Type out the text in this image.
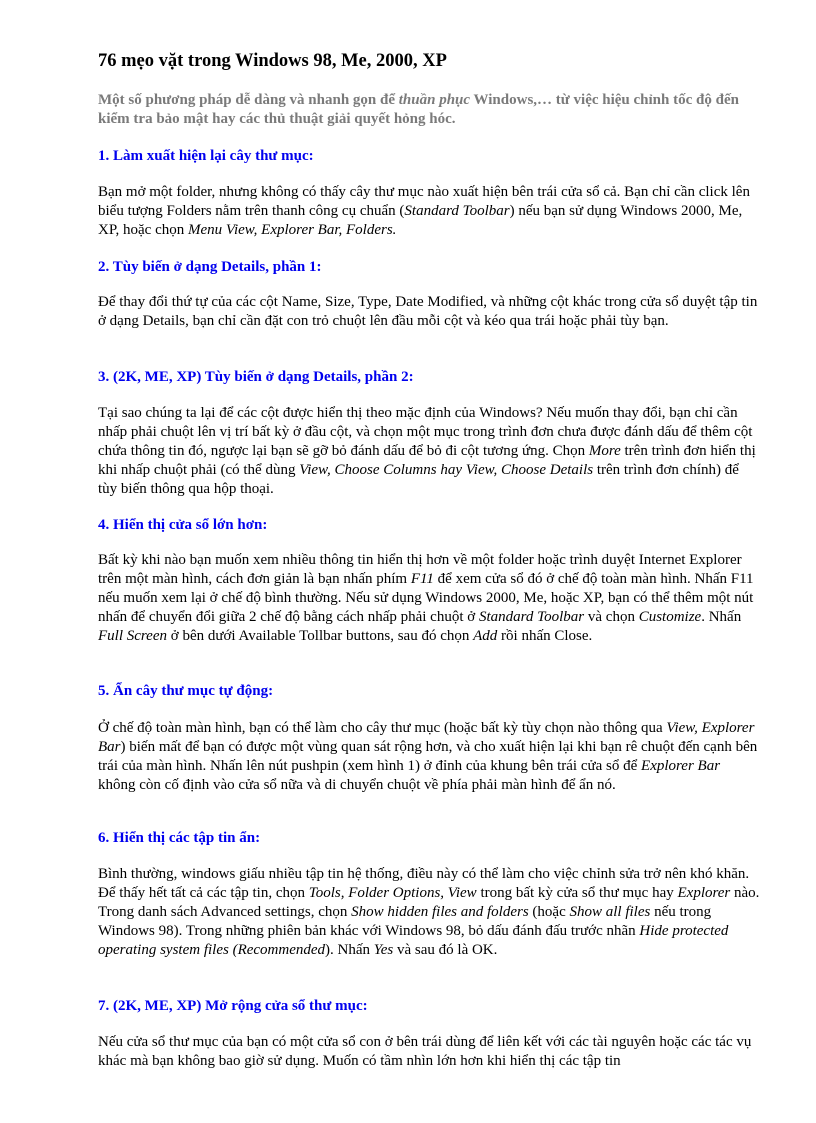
76 mẹo vặt trong Windows 98, Me, 2000, XP

Một số phương pháp dễ dàng và nhanh gọn để thuần phục Windows,… từ việc hiệu chỉnh tốc độ đến kiểm tra bảo mật hay các thủ thuật giải quyết hỏng hóc.

1. Làm xuất hiện lại cây thư mục:

Bạn mở một folder, nhưng không có thấy cây thư mục nào xuất hiện bên trái cửa sổ cả. Bạn chỉ cần click lên biểu tượng Folders nằm trên thanh công cụ chuẩn (Standard Toolbar) nếu bạn sử dụng Windows 2000, Me, XP, hoặc chọn Menu View, Explorer Bar, Folders.

2. Tùy biến ở dạng Details, phần 1:

Để thay đổi thứ tự của các cột Name, Size, Type, Date Modified, và những cột khác trong cửa sổ duyệt tập tin ở dạng Details, bạn chỉ cần đặt con trỏ chuột lên đầu mỗi cột và kéo qua trái hoặc phải tùy bạn.

3. (2K, ME, XP) Tùy biến ở dạng Details, phần 2:

Tại sao chúng ta lại để các cột được hiển thị theo mặc định của Windows? Nếu muốn thay đổi, bạn chỉ cần nhấp phải chuột lên vị trí bất kỳ ở đầu cột, và chọn một mục trong trình đơn chưa được đánh dấu để thêm cột chứa thông tin đó, ngược lại bạn sẽ gỡ bỏ đánh dấu để bỏ đi cột tương ứng. Chọn More trên trình đơn hiển thị khi nhấp chuột phải (có thể dùng View, Choose Columns hay View, Choose Details trên trình đơn chính) để tùy biến thông qua hộp thoại.

4. Hiển thị cửa sổ lớn hơn:

Bất kỳ khi nào bạn muốn xem nhiều thông tin hiển thị hơn về một folder hoặc trình duyệt Internet Explorer trên một màn hình, cách đơn giản là bạn nhấn phím F11 để xem cửa sổ đó ở chế độ toàn màn hình. Nhấn F11 nếu muốn xem lại ở chế độ bình thường. Nếu sử dụng Windows 2000, Me, hoặc XP, bạn có thể thêm một nút nhấn để chuyển đổi giữa 2 chế độ bằng cách nhấp phải chuột ở Standard Toolbar và chọn Customize. Nhấn Full Screen ở bên dưới Available Tollbar buttons, sau đó chọn Add rồi nhấn Close.

5. Ẩn cây thư mục tự động:

Ở chế độ toàn màn hình, bạn có thể làm cho cây thư mục (hoặc bất kỳ tùy chọn nào thông qua View, Explorer Bar) biến mất để bạn có được một vùng quan sát rộng hơn, và cho xuất hiện lại khi bạn rê chuột đến cạnh bên trái của màn hình. Nhấn lên nút pushpin (xem hình 1) ở đỉnh của khung bên trái cửa sổ để Explorer Bar không còn cố định vào cửa sổ nữa và di chuyển chuột về phía phải màn hình để ẩn nó.

6. Hiển thị các tập tin ẩn:

Bình thường, windows giấu nhiều tập tin hệ thống, điều này có thể làm cho việc chỉnh sửa trở nên khó khăn. Để thấy hết tất cả các tập tin, chọn Tools, Folder Options, View trong bất kỳ cửa sổ thư mục hay Explorer nào. Trong danh sách Advanced settings, chọn Show hidden files and folders (hoặc Show all files nếu trong Windows 98). Trong những phiên bản khác với Windows 98, bỏ dấu đánh đấu trước nhãn Hide protected operating system files (Recommended). Nhấn Yes và sau đó là OK.

7. (2K, ME, XP) Mở rộng cửa sổ thư mục:

Nếu cửa sổ thư mục của bạn có một cửa sổ con ở bên trái dùng để liên kết với các tài nguyên hoặc các tác vụ khác mà bạn không bao giờ sử dụng. Muốn có tầm nhìn lớn hơn khi hiển thị các tập tin
